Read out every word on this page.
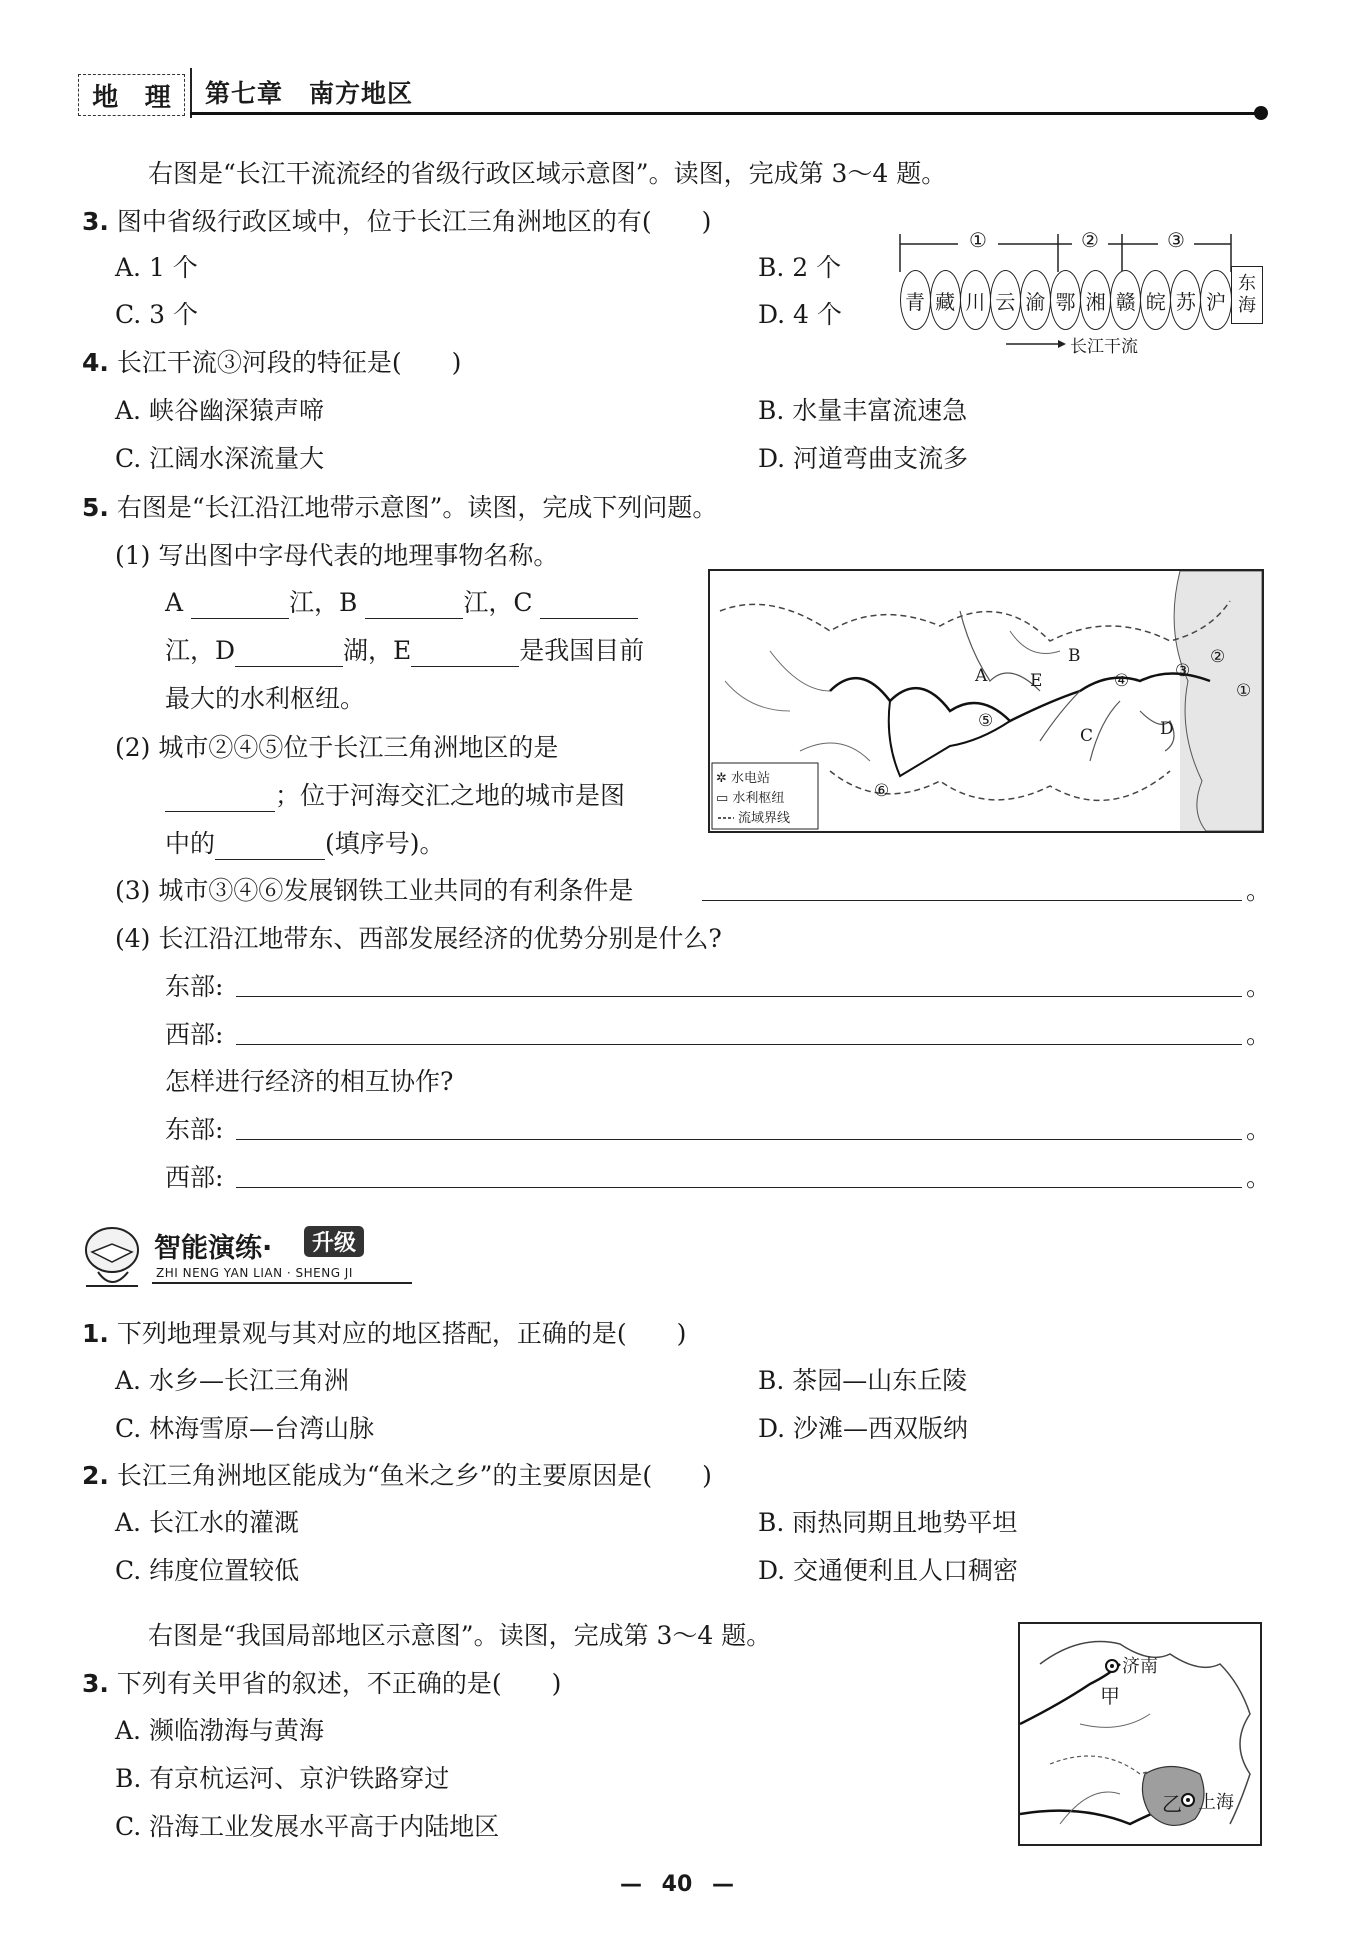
地 理 第七章　南方地区
右图是“长江干流流经的省级行政区域示意图”。读图，完成第 3～4 题。
3. 图中省级行政区域中，位于长江三角洲地区的有(　　)
A. 1 个	B. 2 个
C. 3 个	D. 4 个
①	②	③
青 藏 川 云 渝 鄂 湘 赣 皖 苏 沪
东
海
长江干流
4. 长江干流③河段的特征是(　　)
A. 峡谷幽深猿声啼	B. 水量丰富流速急
C. 江阔水深流量大	D. 河道弯曲支流多
5. 右图是“长江沿江地带示意图”。读图，完成下列问题。
(1) 写出图中字母代表的地理事物名称。
A	江，B	江，C
江，D	湖，E	是我国目前
最大的水利枢纽。
(2) 城市②④⑤位于长江三角洲地区的是
；位于河海交汇之地的城市是图
中的	(填序号)。
(3) 城市③④⑥发展钢铁工业共同的有利条件是	。
(4) 长江沿江地带东、西部发展经济的优势分别是什么?
东部:	。
西部:	。
怎样进行经济的相互协作?
东部:	。
西部:	。
✲ 水电站
▭ 水利枢纽
流域界线
A
B
C	D
E	①
②
③
④
⑤
⑥
智能演练·	升级
ZHI NENG YAN LIAN · SHENG JI
1. 下列地理景观与其对应的地区搭配，正确的是(　　)
A. 水乡—长江三角洲	B. 茶园—山东丘陵
C. 林海雪原—台湾山脉	D. 沙滩—西双版纳
2. 长江三角洲地区能成为“鱼米之乡”的主要原因是(　　)
A. 长江水的灌溉	B. 雨热同期且地势平坦
C. 纬度位置较低	D. 交通便利且人口稠密
右图是“我国局部地区示意图”。读图，完成第 3～4 题。
3. 下列有关甲省的叙述，不正确的是(　　)
A. 濒临渤海与黄海
B. 有京杭运河、京沪铁路穿过
C. 沿海工业发展水平高于内陆地区
济南
甲
乙 上海
— 40 —
